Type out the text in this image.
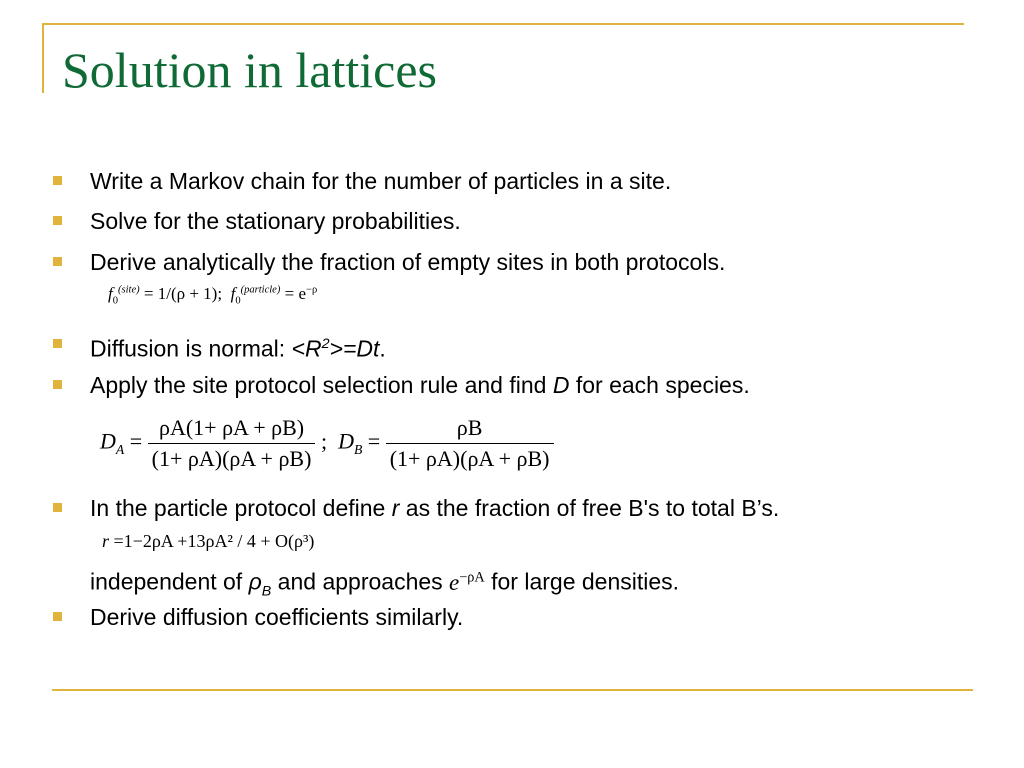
Solution in lattices
Write a Markov chain for the number of particles in a site.
Solve for the stationary probabilities.
Derive analytically the fraction of empty sites in both protocols.
$f_0^{(site)} = 1/(\rho + 1)$; $f_0^{(particle)} = e^{-\rho}$
Diffusion is normal: $<R^2>=Dt$.
Apply the site protocol selection rule and find D for each species.
$D_A = \frac{\rho A(1+ \rho A + \rho B)}{(1+ \rho A)(\rho A + \rho B)}$ ; $D_B = \frac{\rho B}{(1+ \rho A)(\rho A + \rho B)}$
In the particle protocol define r as the fraction of free B's to total B’s.
r =1−2ρA +13ρA² / 4 + O(ρ³)
independent of $\rho_B$ and approaches $e^{-\rho A}$ for large densities.
Derive diffusion coefficients similarly.
